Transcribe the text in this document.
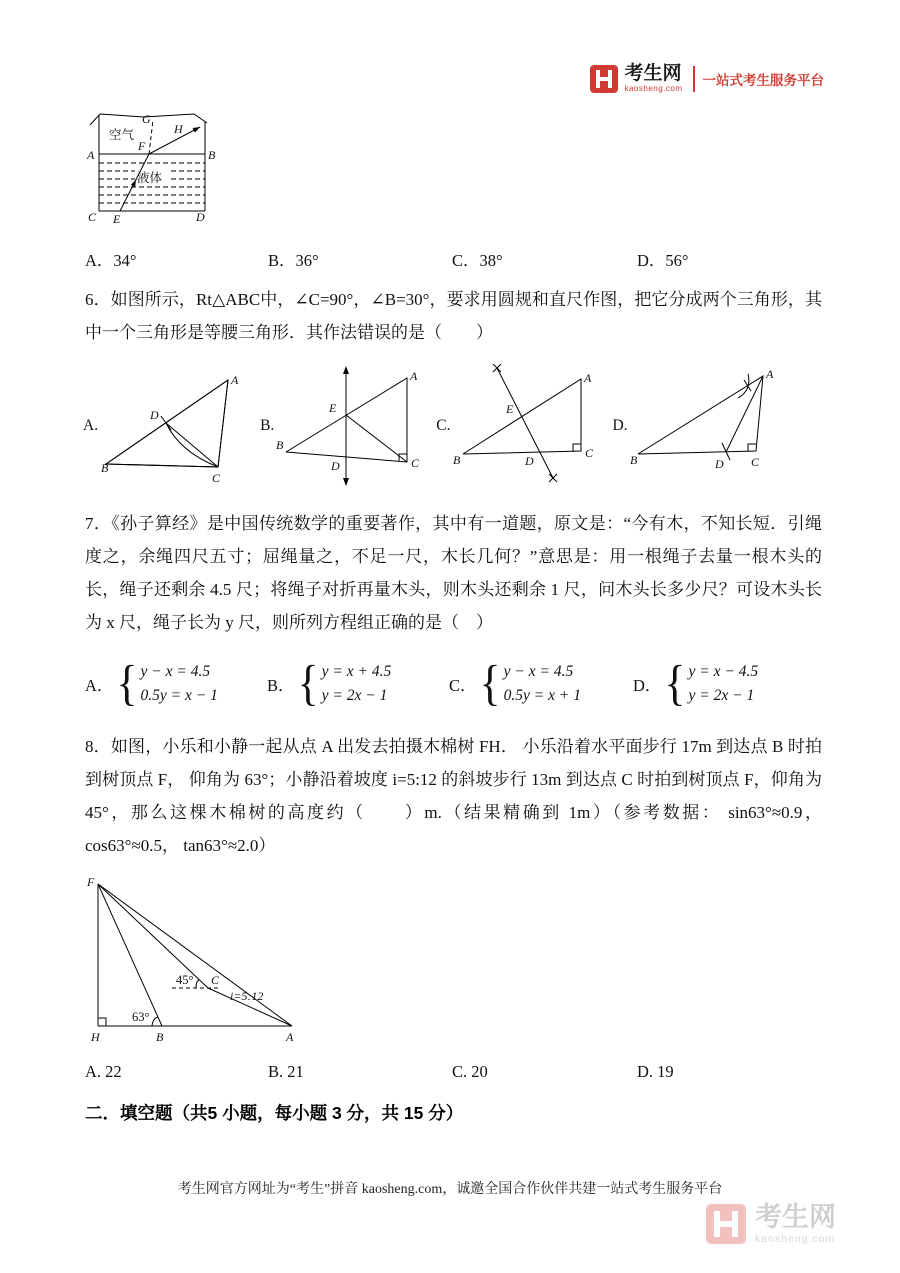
考生网
kaosheng.com
一站式考生服务平台
空气
液体
A	B
C	D
E
F
G
H
A．34°	B．36°	C．38°	D．56°
6．如图所示，Rt△ABC中，∠C=90°，∠B=30°，要求用圆规和直尺作图，把它分成两个三角形，其中一个三角形是等腰三角形．其作法错误的是（　　）
A.
A
B
C
D
B.
A
B
C
D
E
C.
A
B	C
D
E
D.
A
B	C
D
7．《孙子算经》是中国传统数学的重要著作，其中有一道题，原文是：“今有木，不知长短．引绳度之，余绳四尺五寸；屈绳量之，不足一尺，木长几何？”意思是：用一根绳子去量一根木头的长，绳子还剩余 4.5 尺；将绳子对折再量木头，则木头还剩余 1 尺，问木头长多少尺？可设木头长为 x 尺，绳子长为 y 尺，则所列方程组正确的是（　）
A． { y − x = 4.5
0.5y = x − 1
B． { y = x + 4.5
y = 2x − 1
C． { y − x = 4.5
0.5y = x + 1
D． { y = x − 4.5
y = 2x − 1
8．如图，小乐和小静一起从点 A 出发去拍摄木棉树 FH． 小乐沿着水平面步行 17m 到达点 B 时拍到树顶点 F， 仰角为 63°；小静沿着坡度 i=5:12 的斜坡步行 13m 到达点 C 时拍到树顶点 F，仰角为 45°，那么这棵木棉树的高度约（　　）m.（结果精确到 1m）（参考数据： sin63°≈0.9， cos63°≈0.5， tan63°≈2.0）
F
H	B	A
C
45°
63°
i=5:12
A. 22	B. 21	C. 20	D. 19
二．填空题（共5 小题，每小题 3 分，共 15 分）
考生网官方网址为“考生”拼音 kaosheng.com，诚邀全国合作伙伴共建一站式考生服务平台
考生网
kaosheng.com
